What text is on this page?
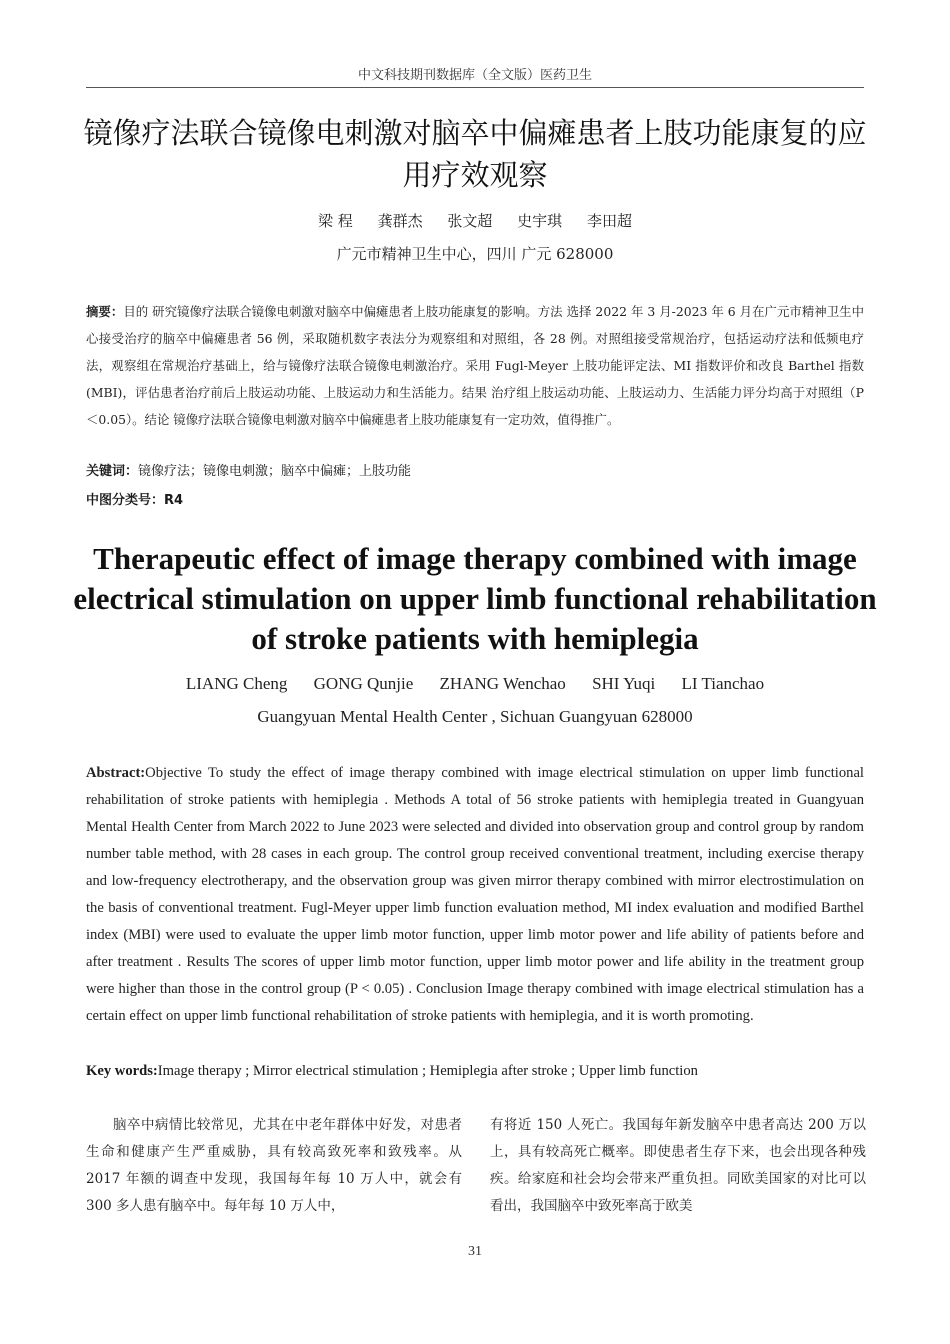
中文科技期刊数据库（全文版）医药卫生
镜像疗法联合镜像电刺激对脑卒中偏瘫患者上肢功能康复的应用疗效观察
梁 程 龚群杰 张文超 史宇琪 李田超
广元市精神卫生中心，四川 广元 628000
摘要：目的 研究镜像疗法联合镜像电刺激对脑卒中偏瘫患者上肢功能康复的影响。方法 选择 2022 年 3 月-2023 年 6 月在广元市精神卫生中心接受治疗的脑卒中偏瘫患者 56 例，采取随机数字表法分为观察组和对照组，各 28 例。对照组接受常规治疗，包括运动疗法和低频电疗法，观察组在常规治疗基础上，给与镜像疗法联合镜像电刺激治疗。采用 Fugl-Meyer 上肢功能评定法、MI 指数评价和改良 Barthel 指数(MBI)，评估患者治疗前后上肢运动功能、上肢运动力和生活能力。结果 治疗组上肢运动功能、上肢运动力、生活能力评分均高于对照组（P＜0.05）。结论 镜像疗法联合镜像电刺激对脑卒中偏瘫患者上肢功能康复有一定功效，值得推广。
关键词：镜像疗法；镜像电刺激；脑卒中偏瘫；上肢功能
中图分类号：R4
Therapeutic effect of image therapy combined with image electrical stimulation on upper limb functional rehabilitation of stroke patients with hemiplegia
LIANG Cheng GONG Qunjie ZHANG Wenchao SHI Yuqi LI Tianchao
Guangyuan Mental Health Center , Sichuan Guangyuan 628000
Abstract:Objective To study the effect of image therapy combined with image electrical stimulation on upper limb functional rehabilitation of stroke patients with hemiplegia . Methods A total of 56 stroke patients with hemiplegia treated in Guangyuan Mental Health Center from March 2022 to June 2023 were selected and divided into observation group and control group by random number table method, with 28 cases in each group. The control group received conventional treatment, including exercise therapy and low-frequency electrotherapy, and the observation group was given mirror therapy combined with mirror electrostimulation on the basis of conventional treatment. Fugl-Meyer upper limb function evaluation method, MI index evaluation and modified Barthel index (MBI) were used to evaluate the upper limb motor function, upper limb motor power and life ability of patients before and after treatment . Results The scores of upper limb motor function, upper limb motor power and life ability in the treatment group were higher than those in the control group (P < 0.05) . Conclusion Image therapy combined with image electrical stimulation has a certain effect on upper limb functional rehabilitation of stroke patients with hemiplegia, and it is worth promoting.
Key words:Image therapy ; Mirror electrical stimulation ; Hemiplegia after stroke ; Upper limb function
脑卒中病情比较常见，尤其在中老年群体中好发，对患者生命和健康产生严重威胁，具有较高致死率和致残率。从 2017 年额的调查中发现，我国每年每 10 万人中，就会有 300 多人患有脑卒中。每年每 10 万人中，
有将近 150 人死亡。我国每年新发脑卒中患者高达 200 万以上，具有较高死亡概率。即使患者生存下来，也会出现各种残疾。给家庭和社会均会带来严重负担。同欧美国家的对比可以看出，我国脑卒中致死率高于欧美
31
